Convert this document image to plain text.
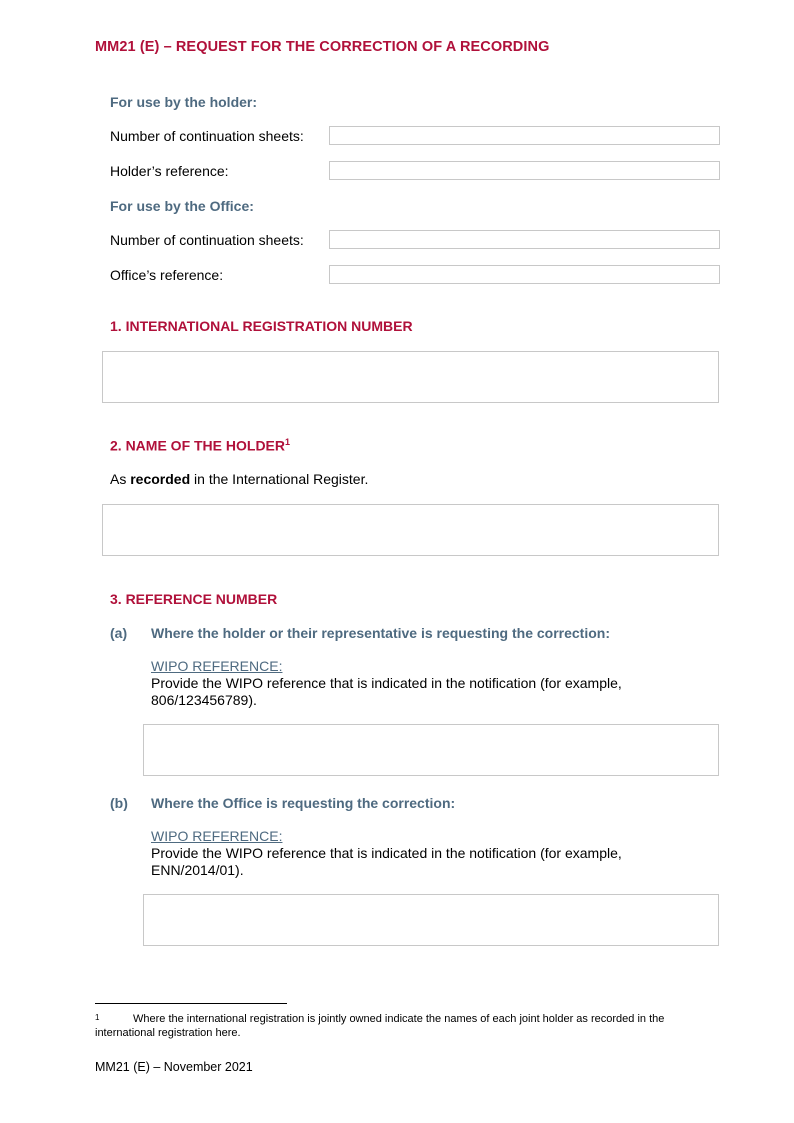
MM21 (E) – REQUEST FOR THE CORRECTION OF A RECORDING
For use by the holder:
Number of continuation sheets:
Holder’s reference:
For use by the Office:
Number of continuation sheets:
Office’s reference:
1. INTERNATIONAL REGISTRATION NUMBER
2. NAME OF THE HOLDER$^1$
As recorded in the International Register.
3. REFERENCE NUMBER
(a) Where the holder or their representative is requesting the correction:
WIPO REFERENCE:
Provide the WIPO reference that is indicated in the notification (for example, 806/123456789).
(b) Where the Office is requesting the correction:
WIPO REFERENCE:
Provide the WIPO reference that is indicated in the notification (for example, ENN/2014/01).
1	Where the international registration is jointly owned indicate the names of each joint holder as recorded in the international registration here.
MM21 (E) – November 2021
